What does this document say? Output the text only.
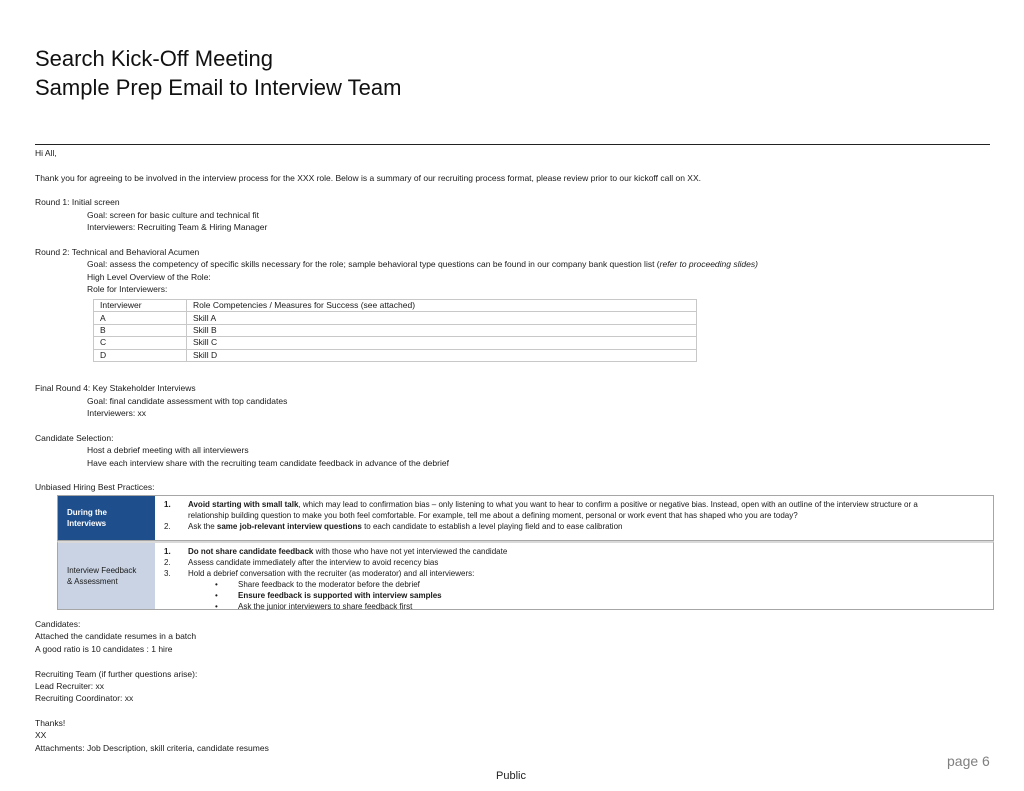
Search Kick-Off Meeting
Sample Prep Email to Interview Team
Hi All,
Thank you for agreeing to be involved in the interview process for the XXX role. Below is a summary of our recruiting process format, please review prior to our kickoff call on XX.
Round 1: Initial screen
Goal: screen for basic culture and technical fit
Interviewers: Recruiting Team & Hiring Manager
Round 2: Technical and Behavioral Acumen
Goal: assess the competency of specific skills necessary for the role; sample behavioral type questions can be found in our company bank question list (refer to proceeding slides)
High Level Overview of the Role:
Role for Interviewers:
Interviewer	Role Competencies / Measures for Success (see attached)
A	Skill A
B	Skill B
C	Skill C
D	Skill D
Final Round 4: Key Stakeholder Interviews
Goal: final candidate assessment with top candidates
Interviewers: xx
Candidate Selection:
Host a debrief meeting with all interviewers
Have each interview share with the recruiting team candidate feedback in advance of the debrief
Unbiased Hiring Best Practices:
During the
Interviews
1. Avoid starting with small talk, which may lead to confirmation bias – only listening to what you want to hear to confirm a positive or negative bias. Instead, open with an outline of the interview structure or a
relationship building question to make you both feel comfortable. For example, tell me about a defining moment, personal or work event that has shaped who you are today?
2. Ask the same job-relevant interview questions to each candidate to establish a level playing field and to ease calibration
Interview Feedback
& Assessment
1. Do not share candidate feedback with those who have not yet interviewed the candidate
2. Assess candidate immediately after the interview to avoid recency bias
3. Hold a debrief conversation with the recruiter (as moderator) and all interviewers:
•	Share feedback to the moderator before the debrief
•	Ensure feedback is supported with interview samples
•	Ask the junior interviewers to share feedback first
Candidates:
Attached the candidate resumes in a batch
A good ratio is 10 candidates : 1 hire
Recruiting Team (if further questions arise):
Lead Recruiter: xx
Recruiting Coordinator: xx
Thanks!
XX
Attachments: Job Description, skill criteria, candidate resumes
page 6
Public
